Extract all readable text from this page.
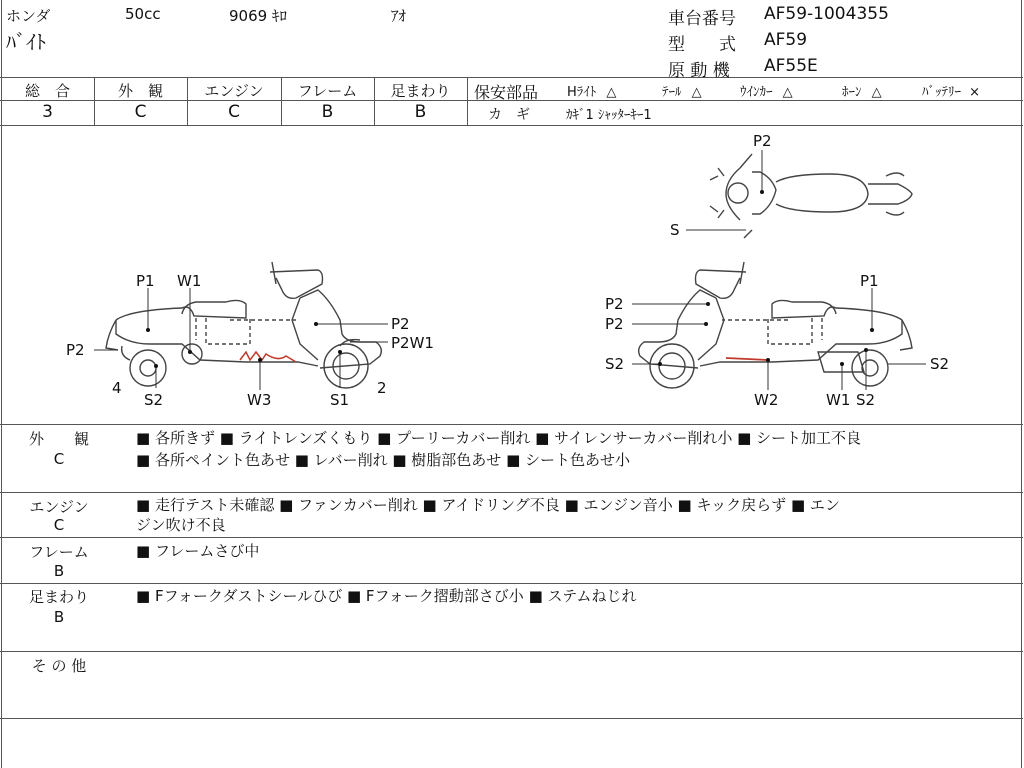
ホンダ	50cc	9069 ｷﾛ	ｱｵ
ﾊﾞｲﾄ
車台番号 AF59-1004355
型　　式 AF59
原 動 機 AF55E
総　合	外　観	エンジン	フレーム	足まわり
3	C	C	B	B
保安部品 Hﾗｲﾄ △	ﾃｰﾙ △	ｳｲﾝｶｰ △	ﾎｰﾝ △	ﾊﾞｯﾃﾘｰ ×
カ　ギ	ｶｷﾞ1 ｼｬｯﾀｰｷｰ1
P1 W1
P2
P2
P2W1
4
S2	W3	S1
2
P2
S
P2
P2
P1
S2	S2
W2	W1 S2
外　　観
C
■ 各所きず ■ ライトレンズくもり ■ プーリーカバー削れ ■ サイレンサーカバー削れ小 ■ シート加工不良
■ 各所ペイント色あせ ■ レバー削れ ■ 樹脂部色あせ ■ シート色あせ小
エンジン
C
■ 走行テスト未確認 ■ ファンカバー削れ ■ アイドリング不良 ■ エンジン音小 ■ キック戻らず ■ エン
ジン吹け不良
フレーム
B
■ フレームさび中
足まわり
B
■ Fフォークダストシールひび ■ Fフォーク摺動部さび小 ■ ステムねじれ
そ の 他
